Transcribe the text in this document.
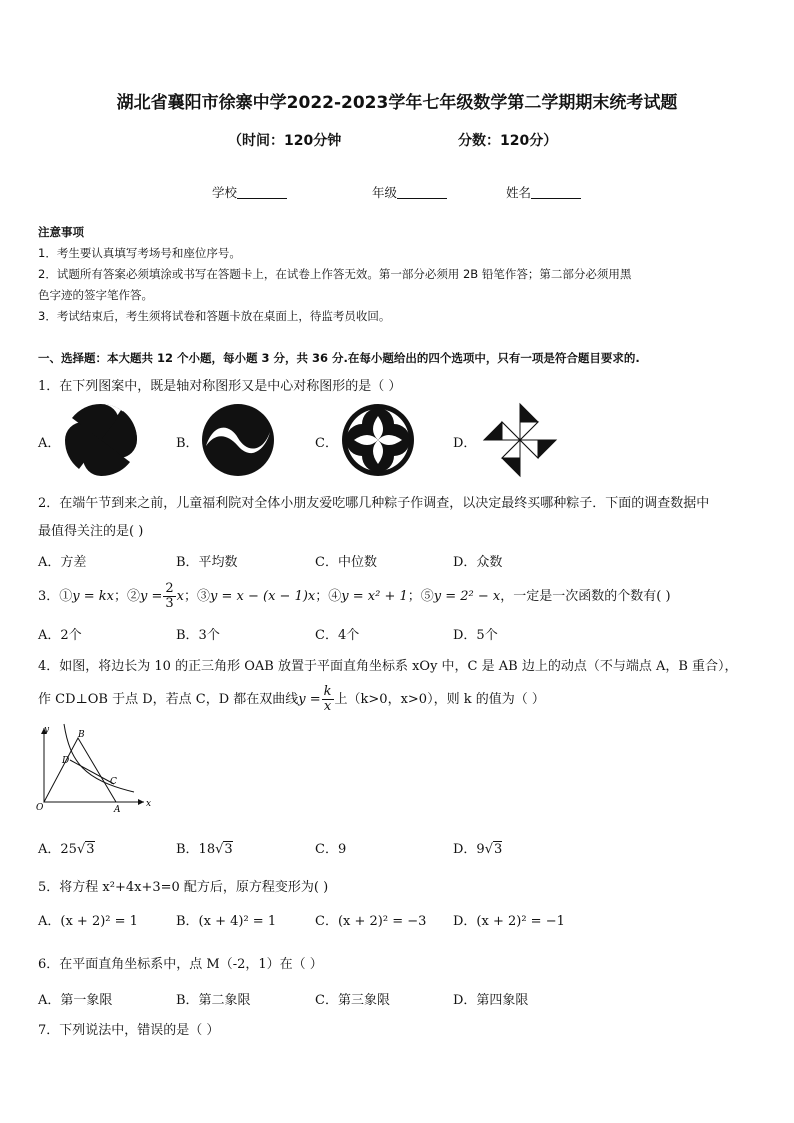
湖北省襄阳市徐寨中学2022-2023学年七年级数学第二学期期末统考试题
（时间：120分钟	分数：120分）
学校	年级	姓名
注意事项
1．考生要认真填写考场号和座位序号。
2．试题所有答案必须填涂或书写在答题卡上，在试卷上作答无效。第一部分必须用 2B 铅笔作答；第二部分必须用黑
色字迹的签字笔作答。
3．考试结束后，考生须将试卷和答题卡放在桌面上，待监考员收回。
一、选择题：本大题共 12 个小题，每小题 3 分，共 36 分.在每小题给出的四个选项中，只有一项是符合题目要求的.
1．在下列图案中，既是轴对称图形又是中心对称图形的是（ ）
A．	B．	C．	D．
2．在端午节到来之前，儿童福利院对全体小朋友爱吃哪几种粽子作调查，以决定最终买哪种粽子．下面的调查数据中
最值得关注的是( )
A．方差	B．平均数	C．中位数	D．众数
3．①y = kx；②y = $\frac{2}{3}$ x；③y = x − (x − 1)x；④y = x² + 1；⑤y = 2² − x，一定是一次函数的个数有( )
A．2个	B．3个	C．4个	D．5个
4．如图，将边长为 10 的正三角形 OAB 放置于平面直角坐标系 xOy 中，C 是 AB 边上的动点（不与端点 A，B 重合），
作 CD⊥OB 于点 D，若点 C，D 都在双曲线$y = \frac{k}{x}$ 上（k>0，x>0），则 k 的值为（ ）
y
x
O	A
B
C
D
A．25√3	B．18√3	C．9	D．9√3
5．将方程 x²+4x+3=0 配方后，原方程变形为( )
A．(x + 2)² = 1	B．(x + 4)² = 1	C．(x + 2)² = −3 D．(x + 2)² = −1
6．在平面直角坐标系中，点 M（-2，1）在（ ）
A．第一象限	B．第二象限	C．第三象限	D．第四象限
7．下列说法中，错误的是（ ）
